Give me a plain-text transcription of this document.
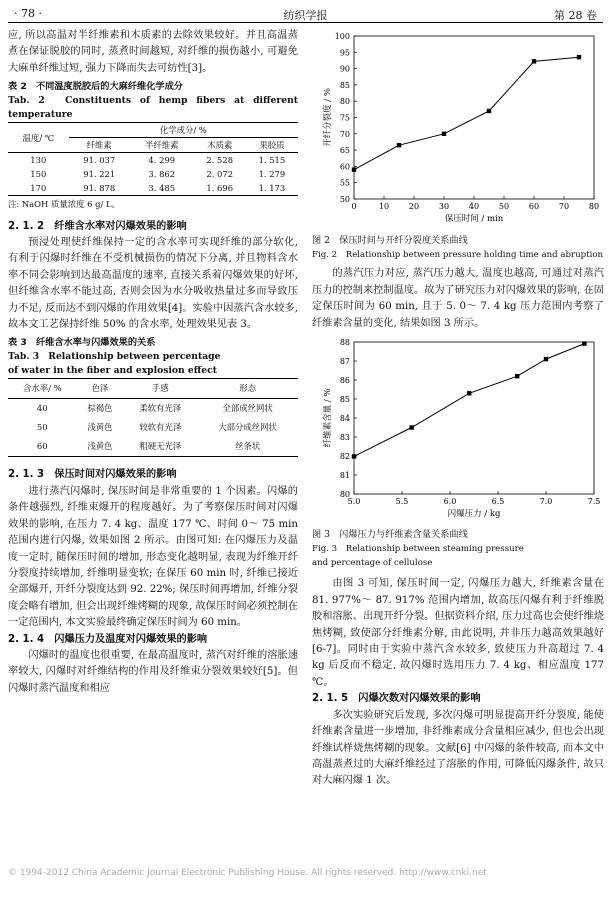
· 78 ·	纺织学报	第 28 卷

应, 所以高温对半纤维素和木质素的去除效果较好。并且高温蒸煮在保证脱胶的同时, 蒸煮时间越短, 对纤维的损伤越小, 可避免大麻单纤维过短, 强力下降而失去可纺性[3]。

表 2　不同温度脱胶后的大麻纤维化学成分

Tab. 2　Constituents of hemp fibers at different temperature

温度/ ℃	化学成分/ %			
	纤维素	半纤维素	木质素	果胶质
130	91. 037	4. 299	2. 528	1. 515
150	91. 221	3. 862	2. 072	1. 279
170	91. 878	3. 485	1. 696	1. 173

注: NaOH 质量浓度 6 g/ L。

2. 1. 2　纤维含水率对闪爆效果的影响

预浸处理使纤维保持一定的含水率可实现纤维的部分软化, 有利于闪爆时纤维在不受机械损伤的情况下分离, 并且物料含水率不同会影响到达最高温度的速率, 直接关系着闪爆效果的好坏, 但纤维含水率不能过高, 否则会因为水分吸收热量过多而导致压力不足, 反而达不到闪爆的作用效果[4]。实验中因蒸汽含水较多, 故本文工艺保持纤维 50% 的含水率, 处理效果见表 3。

表 3　纤维含水率与闪爆效果的关系

Tab. 3　Relationship between percentage

of water in the fiber and explosion effect

含水率/ %	色泽	手感	形态
40	棕褐色	柔软有光泽	全部成丝网状
50	浅黄色	较软有光泽	大部分成丝网状
60	浅黄色	粗硬无光泽	丝条状

2. 1. 3　保压时间对闪爆效果的影响

进行蒸汽闪爆时, 保压时间是非常重要的 1 个因素。闪爆的条件越强烈, 纤维束爆开的程度越好。为了考察保压时间对闪爆效果的影响, 在压力 7. 4 kg、温度 177 ℃、时间 0～ 75 min 范围内进行闪爆, 效果如图 2 所示。由图可知: 在闪爆压力及温度一定时, 随保压时间的增加, 形态变化越明显, 表现为纤维开纤分裂度持续增加, 纤维明显变软; 在保压 60 min 时, 纤维已接近全部爆开, 开纤分裂度达到 92. 22%; 保压时间再增加, 纤维分裂度会略有增加, 但会出现纤维烤糊的现象, 故保压时间必须控制在一定范围内, 本文实验最终确定保压时间为 60 min。

2. 1. 4　闪爆压力及温度对闪爆效果的影响

闪爆时的温度也很重要, 在最高温度时, 蒸汽对纤维的溶胀速率较大, 闪爆时对纤维结构的作用及纤维束分裂效果较好[5]。但闪爆时蒸汽温度和相应

0	10 20 30 40 50 60 70 80
50
55
60
65
70
75
80
85
90
95
100
保压时间 / min
开纤分裂度 / %

图 2　保压时间与开纤分裂度关系曲线

Fig. 2　Relationship between pressure holding time and abruption

的蒸汽压力对应, 蒸汽压力越大, 温度也越高, 可通过对蒸汽压力的控制来控制温度。故为了研究压力对闪爆效果的影响, 在固定保压时间为 60 min, 且于 5. 0～ 7. 4 kg 压力范围内考察了纤维素含量的变化, 结果如图 3 所示。

5.0	5.5	6.0	6.5	7.0	7.5
80
81
82
83
84
85
86
87
88
闪爆压力 / kg
纤维素含量 / %

图 3　闪爆压力与纤维素含量关系曲线

Fig. 3　Relationship between steaming pressure

and percentage of cellulose

由图 3 可知, 保压时间一定, 闪爆压力越大, 纤维素含量在 81. 977%～ 87. 917% 范围内增加, 故高压闪爆有利于纤维脱胶和溶胀、出现开纤分裂。但据资料介绍, 压力过高也会使纤维烧焦烤糊, 致使部分纤维素分解, 由此说明, 并非压力越高效果越好[6-7]。同时由于实验中蒸汽含水较多, 致使压力升高超过 7. 4 kg 后反而不稳定, 故闪爆时选用压力 7. 4 kg、相应温度 177 ℃。

2. 1. 5　闪爆次数对闪爆效果的影响

多次实验研究后发现, 多次闪爆可明显提高开纤分裂度, 能使纤维素含量进一步增加, 非纤维素成分含量相应减少, 但也会出现纤维试样烧焦烤糊的现象。文献[6] 中闪爆的条件较高, 而本文中高温蒸煮过的大麻纤维经过了溶胀的作用, 可降低闪爆条件, 故只对大麻闪爆 1 次。

© 1994-2012 China Academic Journal Electronic Publishing House. All rights reserved. http://www.cnki.net
